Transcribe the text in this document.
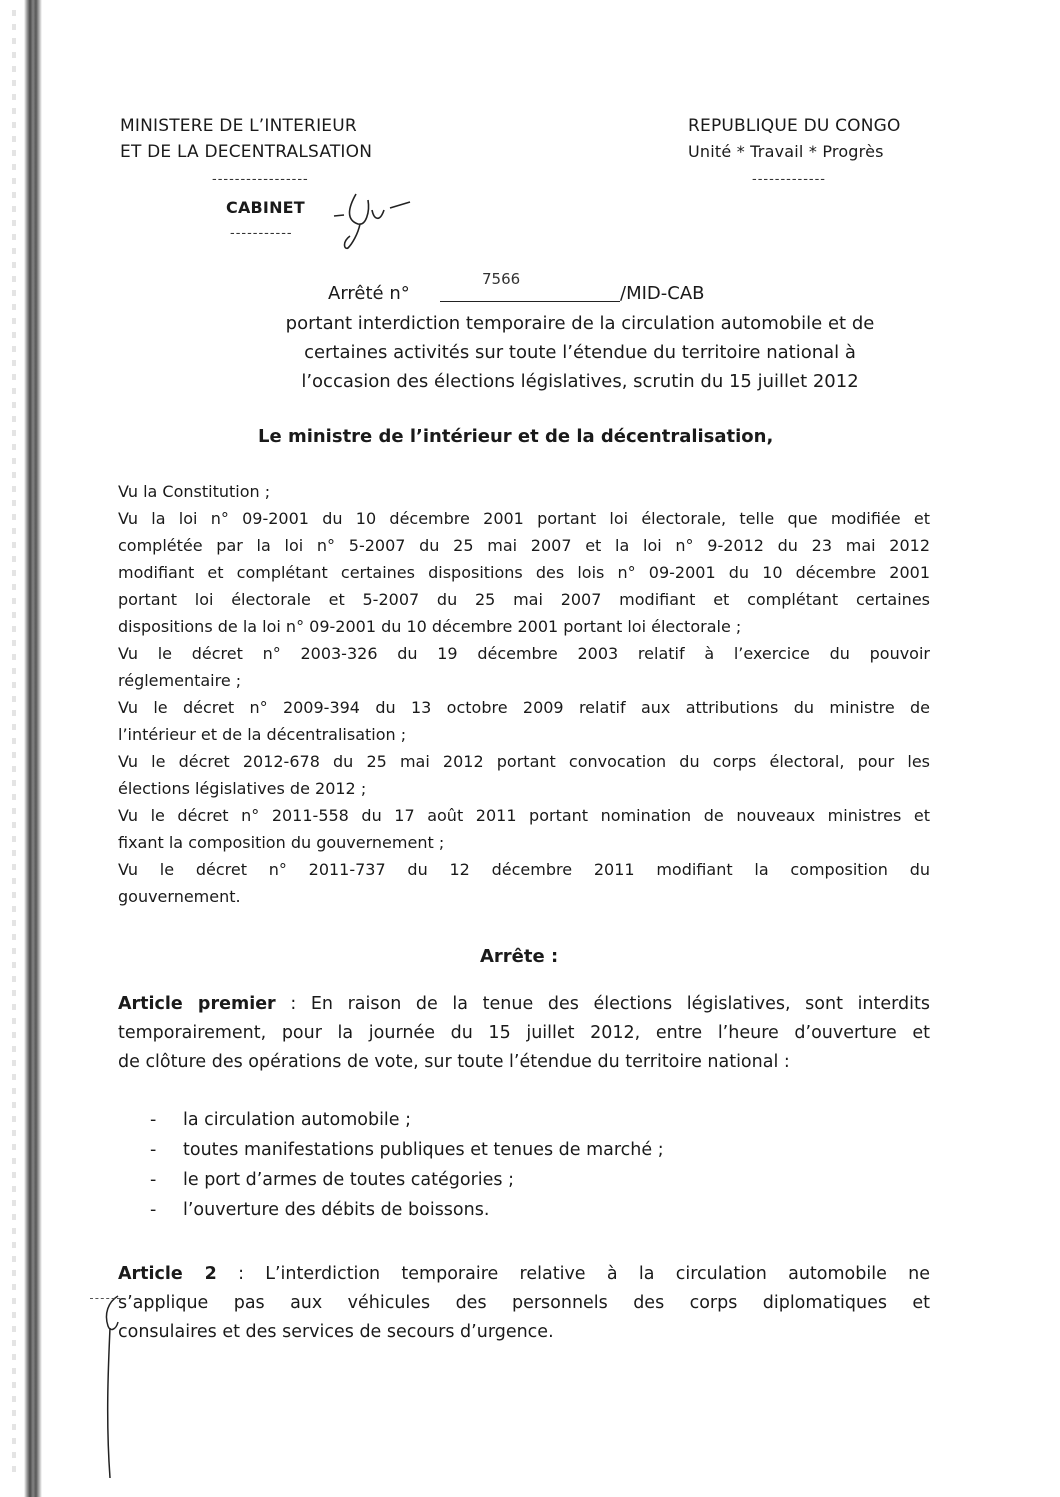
MINISTERE DE L’INTERIEUR
ET DE LA DECENTRALSATION
-----------------
CABINET
-----------
REPUBLIQUE DU CONGO
Unité * Travail * Progrès
-------------
7566
Arrêté n°	/MID-CAB
portant interdiction temporaire de la circulation automobile et de
certaines activités sur toute l’étendue du territoire national à
l’occasion des élections législatives, scrutin du 15 juillet 2012
Le ministre de l’intérieur et de la décentralisation,
Vu la Constitution ;
Vu la loi n° 09-2001 du 10 décembre 2001 portant loi électorale, telle que modifiée et
complétée par la loi n° 5-2007 du 25 mai 2007 et la loi n° 9-2012 du 23 mai 2012
modifiant et complétant certaines dispositions des lois n° 09-2001 du 10 décembre 2001
portant loi électorale et 5-2007 du 25 mai 2007 modifiant et complétant certaines
dispositions de la loi n° 09-2001 du 10 décembre 2001 portant loi électorale ;
Vu le décret n° 2003-326 du 19 décembre 2003 relatif à l’exercice du pouvoir
réglementaire ;
Vu le décret n° 2009-394 du 13 octobre 2009 relatif aux attributions du ministre de
l’intérieur et de la décentralisation ;
Vu le décret 2012-678 du 25 mai 2012 portant convocation du corps électoral, pour les
élections législatives de 2012 ;
Vu le décret n° 2011-558 du 17 août 2011 portant nomination de nouveaux ministres et
fixant la composition du gouvernement ;
Vu le décret n° 2011-737 du 12 décembre 2011 modifiant la composition du
gouvernement.
Arrête :
Article premier : En raison de la tenue des élections législatives, sont interdits
temporairement, pour la journée du 15 juillet 2012, entre l’heure d’ouverture et
de clôture des opérations de vote, sur toute l’étendue du territoire national :
- la circulation automobile ;
- toutes manifestations publiques et tenues de marché ;
- le port d’armes de toutes catégories ;
- l’ouverture des débits de boissons.
Article 2 : L’interdiction temporaire relative à la circulation automobile ne
s’applique pas aux véhicules des personnels des corps diplomatiques et
consulaires et des services de secours d’urgence.
